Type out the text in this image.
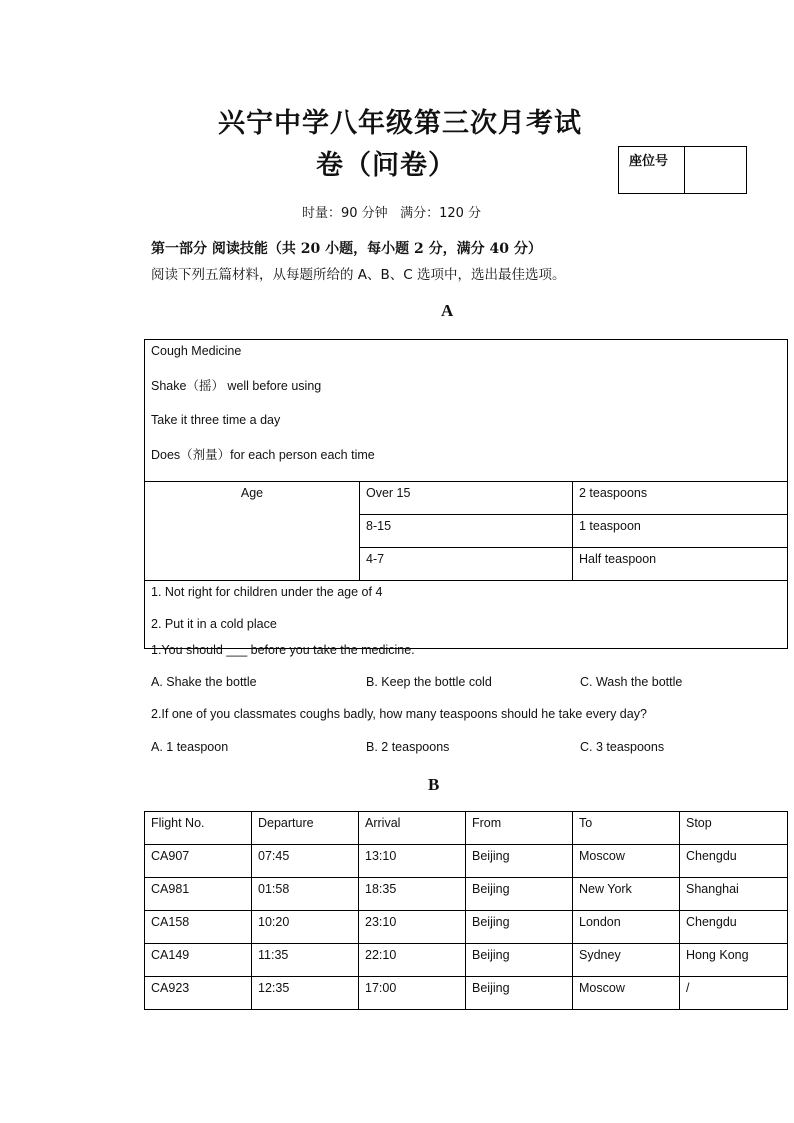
兴宁中学八年级第三次月考试
卷（问卷）	座位号
时量：90 分钟   满分：120 分
第一部分 阅读技能（共 20 小题，每小题 2 分，满分 40 分）
阅读下列五篇材料，从每题所给的 A、B、C 选项中，选出最佳选项。
A
Cough Medicine
Shake（摇） well before using
Take it three time a day
Does（剂量）for each person each time		

Age	Over 15	2 teaspoons
	8-15	1 teaspoon
	4-7	Half teaspoon

1. Not right for children under the age of 4
2. Put it in a cold place		
1.You should ___ before you take the medicine.
A. Shake the bottle	B. Keep the bottle cold	C. Wash the bottle
2.If one of you classmates coughs badly, how many teaspoons should he take every day?
A. 1 teaspoon	B. 2 teaspoons	C. 3 teaspoons
B
Flight No.	Departure	Arrival	From	To	Stop
CA907	07:45	13:10	Beijing	Moscow	Chengdu
CA981	01:58	18:35	Beijing	New York	Shanghai
CA158	10:20	23:10	Beijing	London	Chengdu
CA149	11:35	22:10	Beijing	Sydney	Hong Kong
CA923	12:35	17:00	Beijing	Moscow	/
